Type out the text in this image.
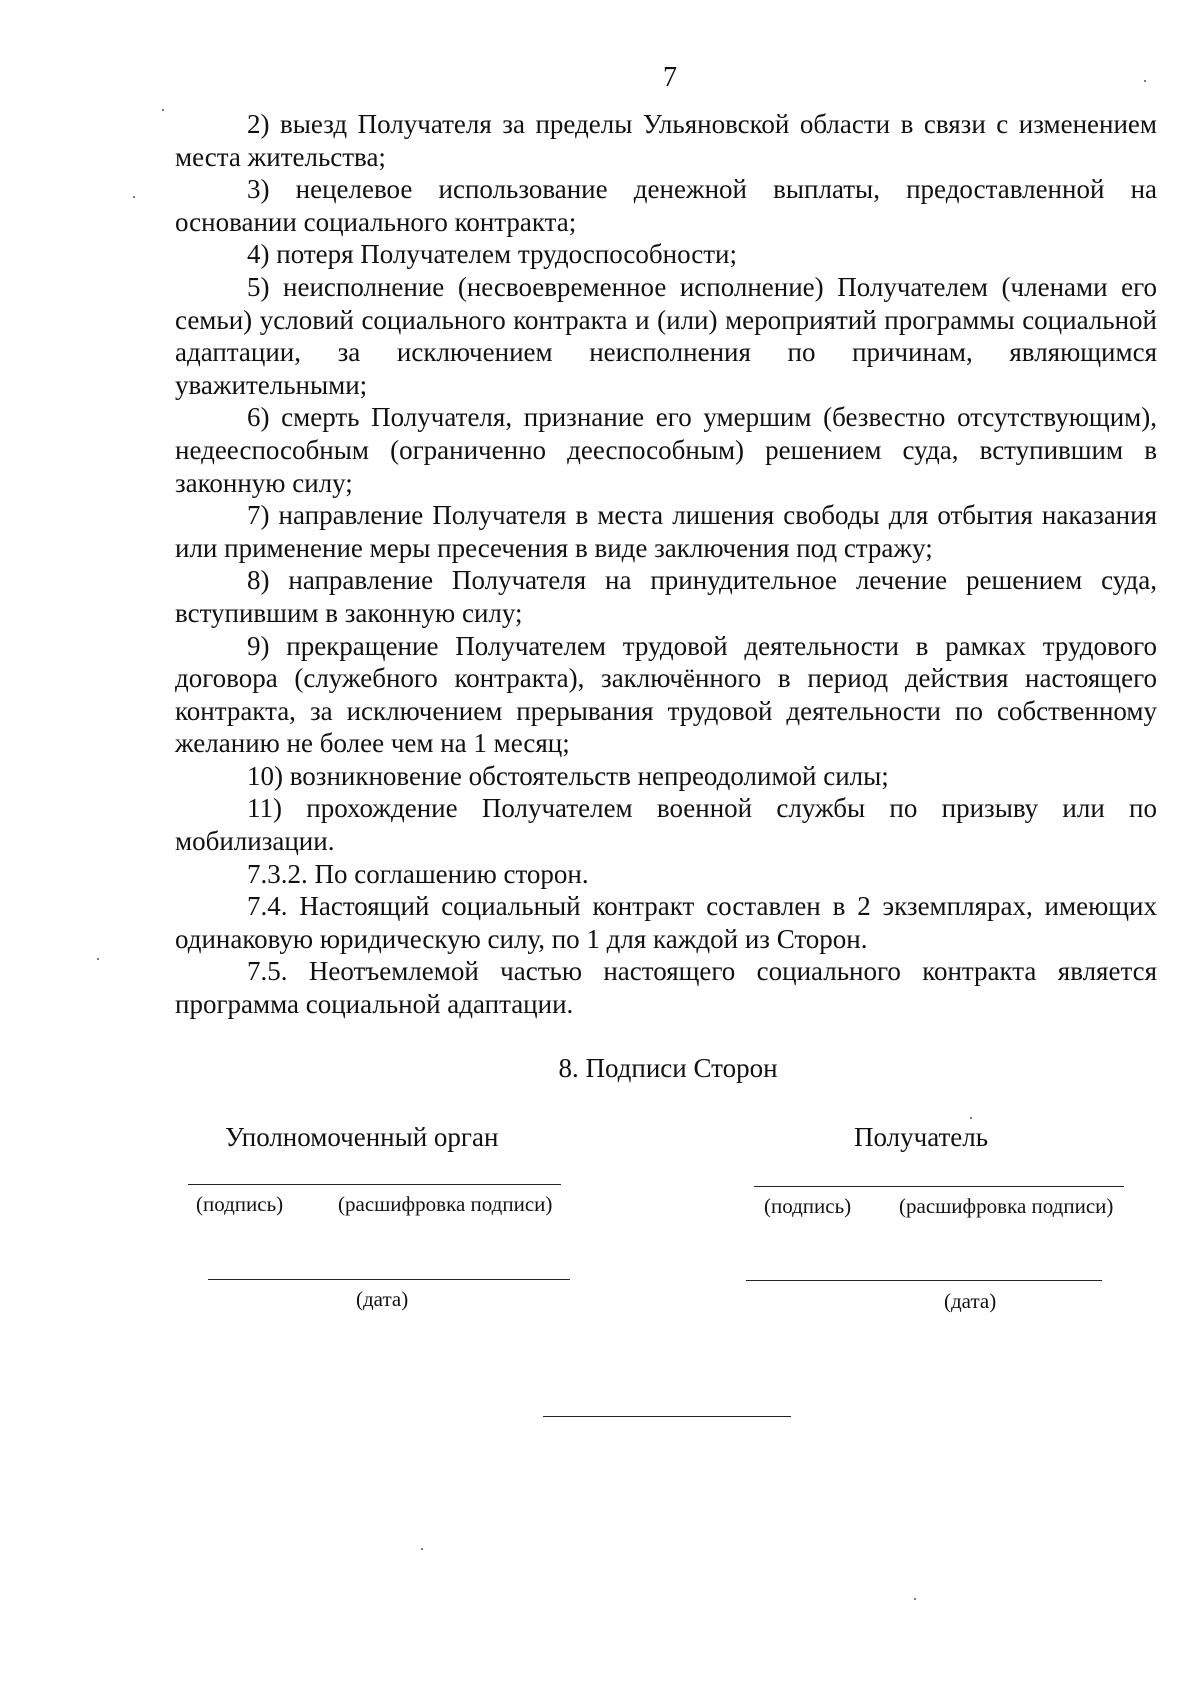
7

2) выезд Получателя за пределы Ульяновской области в связи с изменением места жительства;

3) нецелевое использование денежной выплаты, предоставленной на основании социального контракта;

4) потеря Получателем трудоспособности;

5) неисполнение (несвоевременное исполнение) Получателем (членами его семьи) условий социального контракта и (или) мероприятий программы социальной адаптации, за исключением неисполнения по причинам, являющимся уважительными;

6) смерть Получателя, признание его умершим (безвестно отсутствующим), недееспособным (ограниченно дееспособным) решением суда, вступившим в законную силу;

7) направление Получателя в места лишения свободы для отбытия наказания или применение меры пресечения в виде заключения под стражу;

8) направление Получателя на принудительное лечение решением суда, вступившим в законную силу;

9) прекращение Получателем трудовой деятельности в рамках трудового договора (служебного контракта), заключённого в период действия настоящего контракта, за исключением прерывания трудовой деятельности по собственному желанию не более чем на 1 месяц;

10) возникновение обстоятельств непреодолимой силы;

11) прохождение Получателем военной службы по призыву или по мобилизации.

7.3.2. По соглашению сторон.

7.4. Настоящий социальный контракт составлен в 2 экземплярах, имеющих одинаковую юридическую силу, по 1 для каждой из Сторон.

7.5. Неотъемлемой частью настоящего социального контракта является программа социальной адаптации.

8. Подписи Сторон
Уполномоченный орган
(подпись)	(расшифровка подписи)
(дата)
Получатель
(подпись) (расшифровка подписи)
(дата)
